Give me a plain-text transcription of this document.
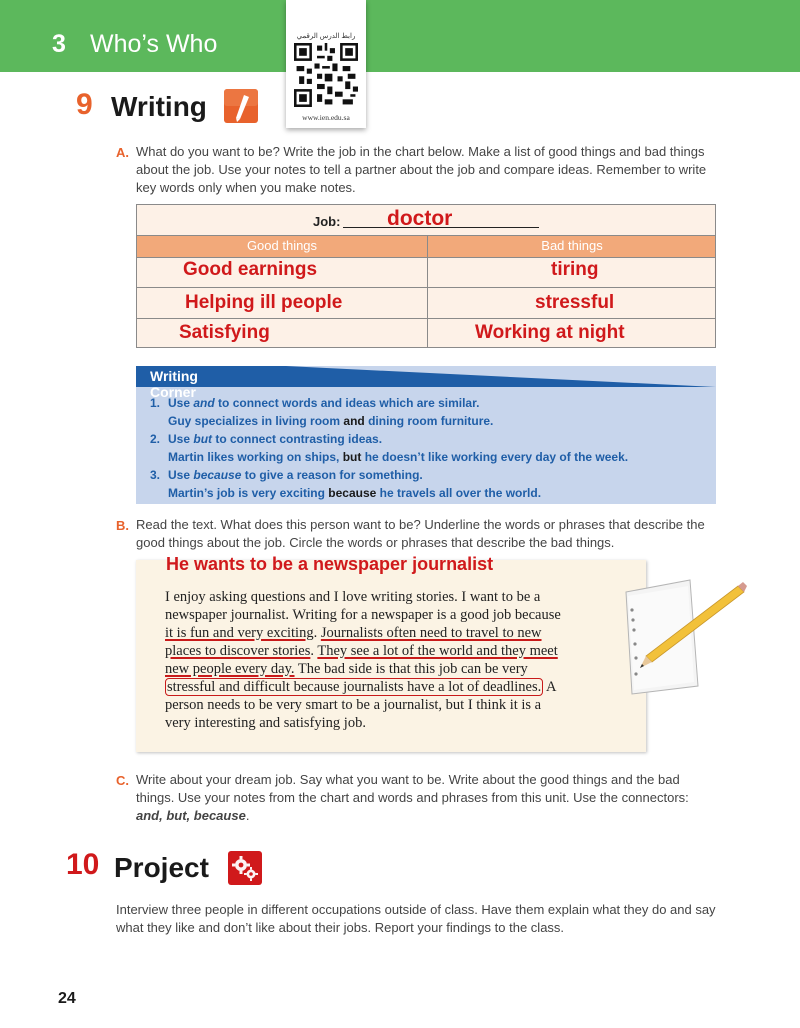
3 Who’s Who	رابط الدرس الرقمي
www.ien.edu.sa
9 Writing
A. What do you want to be? Write the job in the chart below. Make a list of good things and bad things
about the job. Use your notes to tell a partner about the job and compare ideas. Remember to write
key words only when you make notes.
Job: doctor
Good things	Bad things
Good earnings	tiring
Helping ill people	stressful
Satisfying	Working at night
Writing Corner
1. Use and to connect words and ideas which are similar.
Guy specializes in living room and dining room furniture.
2. Use but to connect contrasting ideas.
Martin likes working on ships, but he doesn’t like working every day of the week.
3. Use because to give a reason for something.
Martin’s job is very exciting because he travels all over the world.
B. Read the text. What does this person want to be? Underline the words or phrases that describe the
good things about the job. Circle the words or phrases that describe the bad things.
He wants to be a newspaper journalist
I enjoy asking questions and I love writing stories. I want to be a
newspaper journalist. Writing for a newspaper is a good job because
it is fun and very exciting. Journalists often need to travel to new
places to discover stories. They see a lot of the world and they meet
new people every day. The bad side is that this job can be very
stressful and difficult because journalists have a lot of deadlines. A
person needs to be very smart to be a journalist, but I think it is a
very interesting and satisfying job.
C. Write about your dream job. Say what you want to be. Write about the good things and the bad
things. Use your notes from the chart and words and phrases from this unit. Use the connectors:
and, but, because.
10 Project
Interview three people in different occupations outside of class. Have them explain what they do and say
what they like and don’t like about their jobs. Report your findings to the class.
24
